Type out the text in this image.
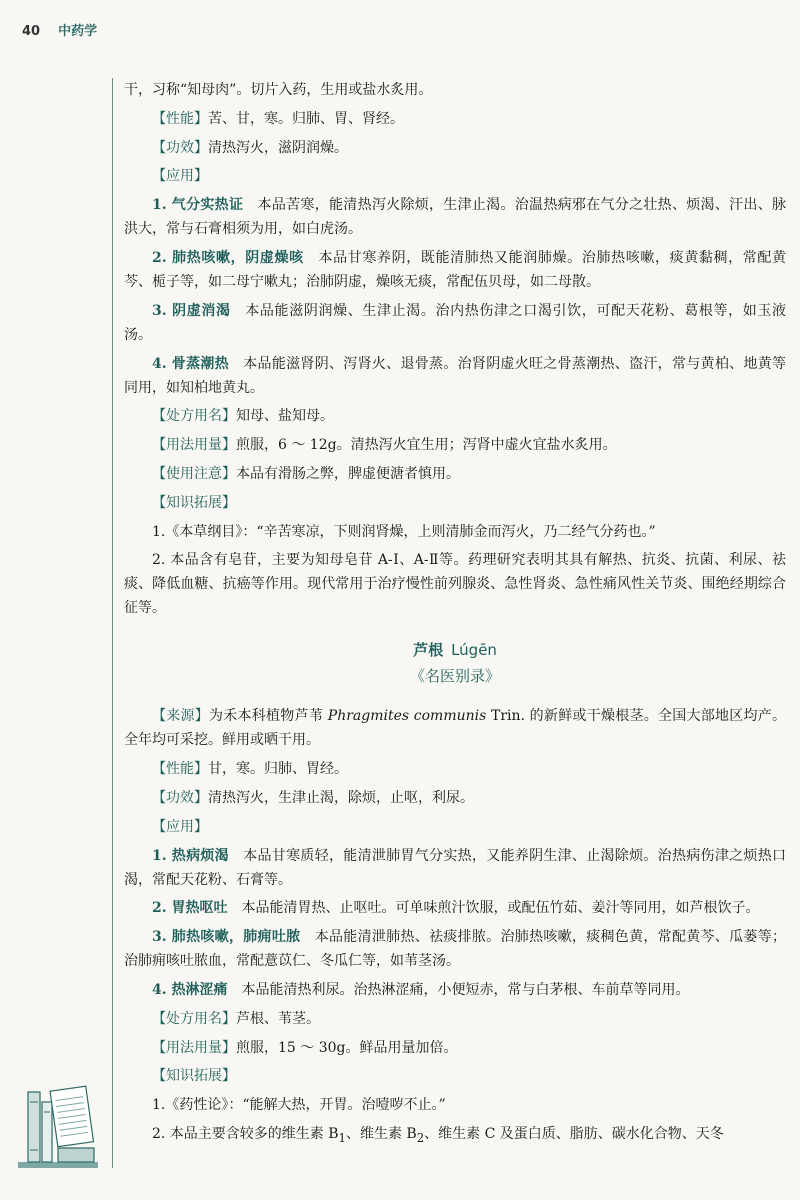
40 中药学

干，习称“知母肉”。切片入药，生用或盐水炙用。

【性能】苦、甘，寒。归肺、胃、肾经。

【功效】清热泻火，滋阴润燥。

【应用】

1. 气分实热证　 本品苦寒，能清热泻火除烦，生津止渴。治温热病邪在气分之壮热、烦渴、汗出、脉洪大，常与石膏相须为用，如白虎汤。

2. 肺热咳嗽，阴虚燥咳　 本品甘寒养阴，既能清肺热又能润肺燥。治肺热咳嗽，痰黄黏稠，常配黄芩、栀子等，如二母宁嗽丸；治肺阴虚，燥咳无痰，常配伍贝母，如二母散。

3. 阴虚消渴　 本品能滋阴润燥、生津止渴。治内热伤津之口渴引饮，可配天花粉、葛根等，如玉液汤。

4. 骨蒸潮热　 本品能滋肾阴、泻肾火、退骨蒸。治肾阴虚火旺之骨蒸潮热、盗汗，常与黄柏、地黄等同用，如知柏地黄丸。

【处方用名】知母、盐知母。

【用法用量】煎服，6 ～ 12g。清热泻火宜生用；泻肾中虚火宜盐水炙用。

【使用注意】本品有滑肠之弊，脾虚便溏者慎用。

【知识拓展】

1.《本草纲目》：“辛苦寒凉，下则润肾燥，上则清肺金而泻火，乃二经气分药也。”

2. 本品含有皂苷，主要为知母皂苷 A-Ⅰ、A-Ⅱ等。药理研究表明其具有解热、抗炎、抗菌、利尿、祛痰、降低血糖、抗癌等作用。现代常用于治疗慢性前列腺炎、急性肾炎、急性痛风性关节炎、围绝经期综合征等。

芦根 Lúgēn
《名医别录》

【来源】为禾本科植物芦苇 Phragmites communis Trin. 的新鲜或干燥根茎。全国大部地区均产。全年均可采挖。鲜用或晒干用。

【性能】甘，寒。归肺、胃经。

【功效】清热泻火，生津止渴，除烦，止呕，利尿。

【应用】

1. 热病烦渴　 本品甘寒质轻，能清泄肺胃气分实热，又能养阴生津、止渴除烦。治热病伤津之烦热口渴，常配天花粉、石膏等。

2. 胃热呕吐　 本品能清胃热、止呕吐。可单味煎汁饮服，或配伍竹茹、姜汁等同用，如芦根饮子。

3. 肺热咳嗽，肺痈吐脓　 本品能清泄肺热、祛痰排脓。治肺热咳嗽，痰稠色黄，常配黄芩、瓜蒌等；治肺痈咳吐脓血，常配薏苡仁、冬瓜仁等，如苇茎汤。

4. 热淋涩痛　 本品能清热利尿。治热淋涩痛，小便短赤，常与白茅根、车前草等同用。

【处方用名】芦根、苇茎。

【用法用量】煎服，15 ～ 30g。鲜品用量加倍。

【知识拓展】

1.《药性论》：“能解大热，开胃。治噎哕不止。”

2. 本品主要含较多的维生素 $B_1$、维生素 $B_2$、维生素 C 及蛋白质、脂肪、碳水化合物、天冬
